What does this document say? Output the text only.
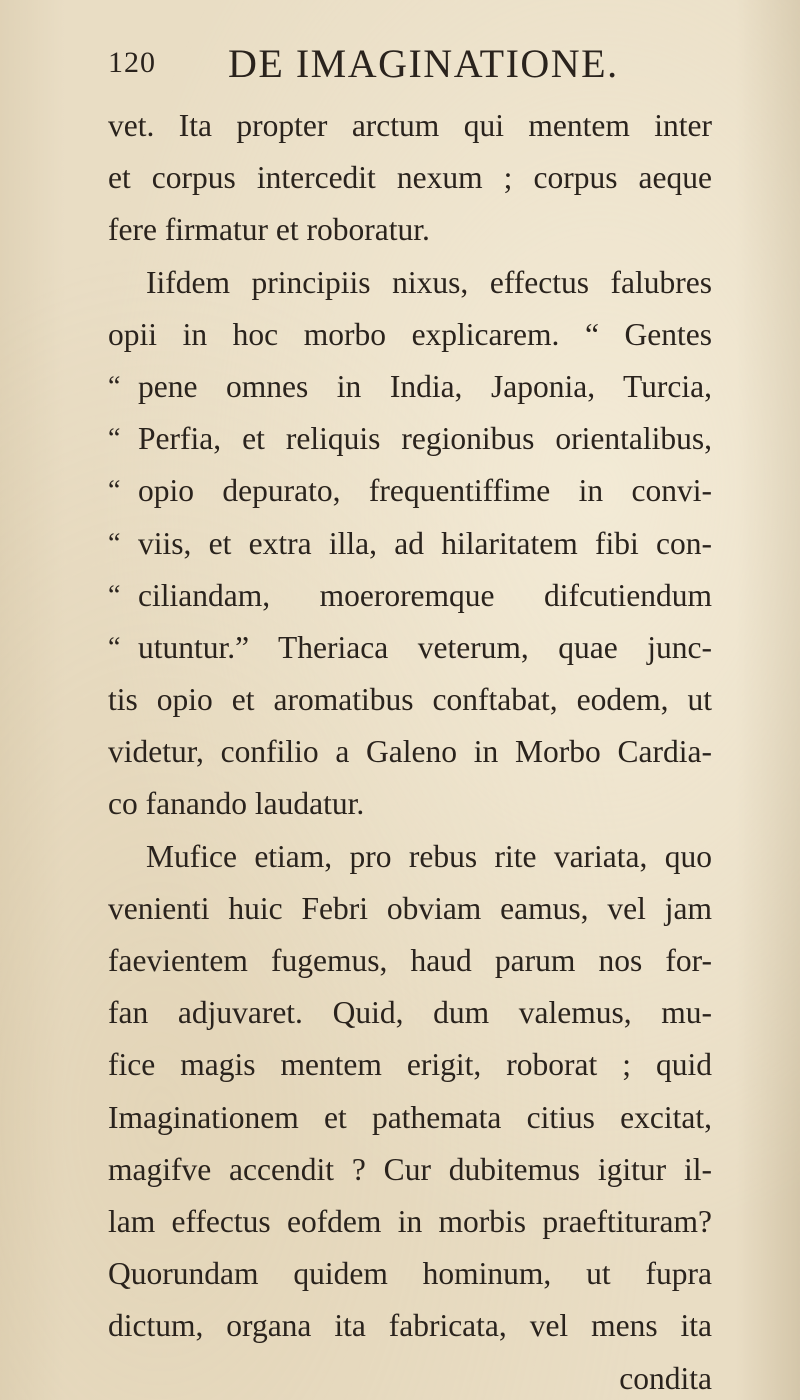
120 DE IMAGINATIONE.
vet. Ita propter arctum qui mentem inter
et corpus intercedit nexum ; corpus aeque
fere firmatur et roboratur.
Iifdem principiis nixus, effectus falubres
opii in hoc morbo explicarem. “ Gentes
“ pene omnes in India, Japonia, Turcia,
“ Perfia, et reliquis regionibus orientalibus,
“ opio depurato, frequentiffime in convi-
“ viis, et extra illa, ad hilaritatem fibi con-
“ ciliandam, moeroremque difcutiendum
“ utuntur.” Theriaca veterum, quae junc-
tis opio et aromatibus conftabat, eodem, ut
videtur, confilio a Galeno in Morbo Cardia-
co fanando laudatur.
Mufice etiam, pro rebus rite variata, quo
venienti huic Febri obviam eamus, vel jam
faevientem fugemus, haud parum nos for-
fan adjuvaret. Quid, dum valemus, mu-
fice magis mentem erigit, roborat ; quid
Imaginationem et pathemata citius excitat,
magifve accendit ? Cur dubitemus igitur il-
lam effectus eofdem in morbis praeftituram?
Quorundam quidem hominum, ut fupra
dictum, organa ita fabricata, vel mens ita
condita
